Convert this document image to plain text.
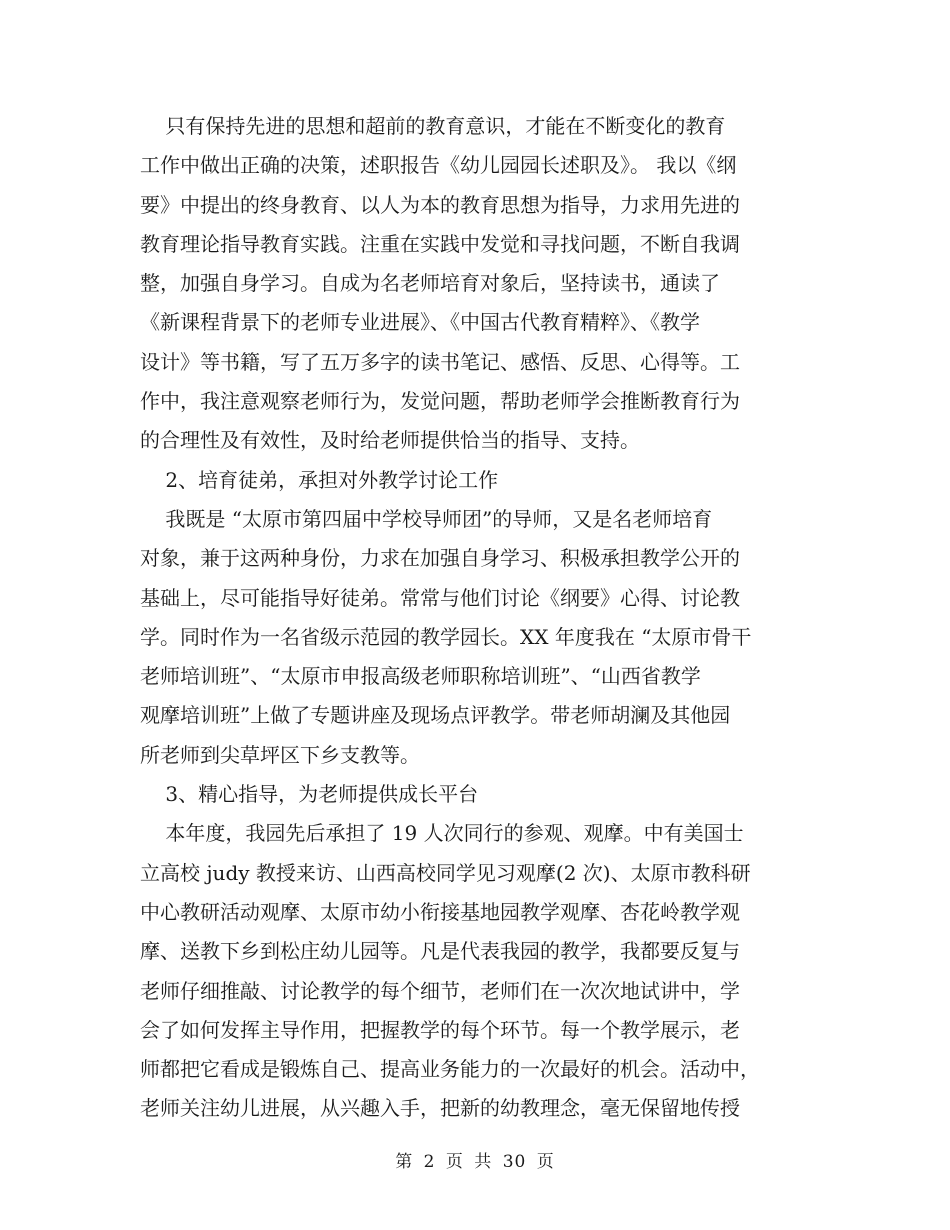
只有保持先进的思想和超前的教育意识，才能在不断变化的教育
工作中做出正确的决策，述职报告《幼儿园园长述职及》。 我以《纲
要》中提出的终身教育、以人为本的教育思想为指导，力求用先进的
教育理论指导教育实践。注重在实践中发觉和寻找问题，不断自我调
整，加强自身学习。自成为名老师培育对象后，坚持读书，通读了
《新课程背景下的老师专业进展》、《中国古代教育精粹》、《教学
设计》等书籍，写了五万多字的读书笔记、感悟、反思、心得等。工
作中，我注意观察老师行为，发觉问题，帮助老师学会推断教育行为
的合理性及有效性，及时给老师提供恰当的指导、支持。
2、培育徒弟，承担对外教学讨论工作
我既是 “太原市第四届中学校导师团”的导师，又是名老师培育
对象，兼于这两种身份，力求在加强自身学习、积极承担教学公开的
基础上，尽可能指导好徒弟。常常与他们讨论《纲要》心得、讨论教
学。同时作为一名省级示范园的教学园长。XX 年度我在 “太原市骨干
老师培训班”、“太原市申报高级老师职称培训班”、“山西省教学
观摩培训班”上做了专题讲座及现场点评教学。带老师胡澜及其他园
所老师到尖草坪区下乡支教等。
3、精心指导，为老师提供成长平台
本年度，我园先后承担了 19 人次同行的参观、观摩。中有美国士
立高校 judy 教授来访、山西高校同学见习观摩(2 次)、太原市教科研
中心教研活动观摩、太原市幼小衔接基地园教学观摩、杏花岭教学观
摩、送教下乡到松庄幼儿园等。凡是代表我园的教学，我都要反复与
老师仔细推敲、讨论教学的每个细节，老师们在一次次地试讲中，学
会了如何发挥主导作用，把握教学的每个环节。每一个教学展示，老
师都把它看成是锻炼自己、提高业务能力的一次最好的机会。活动中，
老师关注幼儿进展，从兴趣入手，把新的幼教理念，毫无保留地传授
第 2 页 共 30 页
